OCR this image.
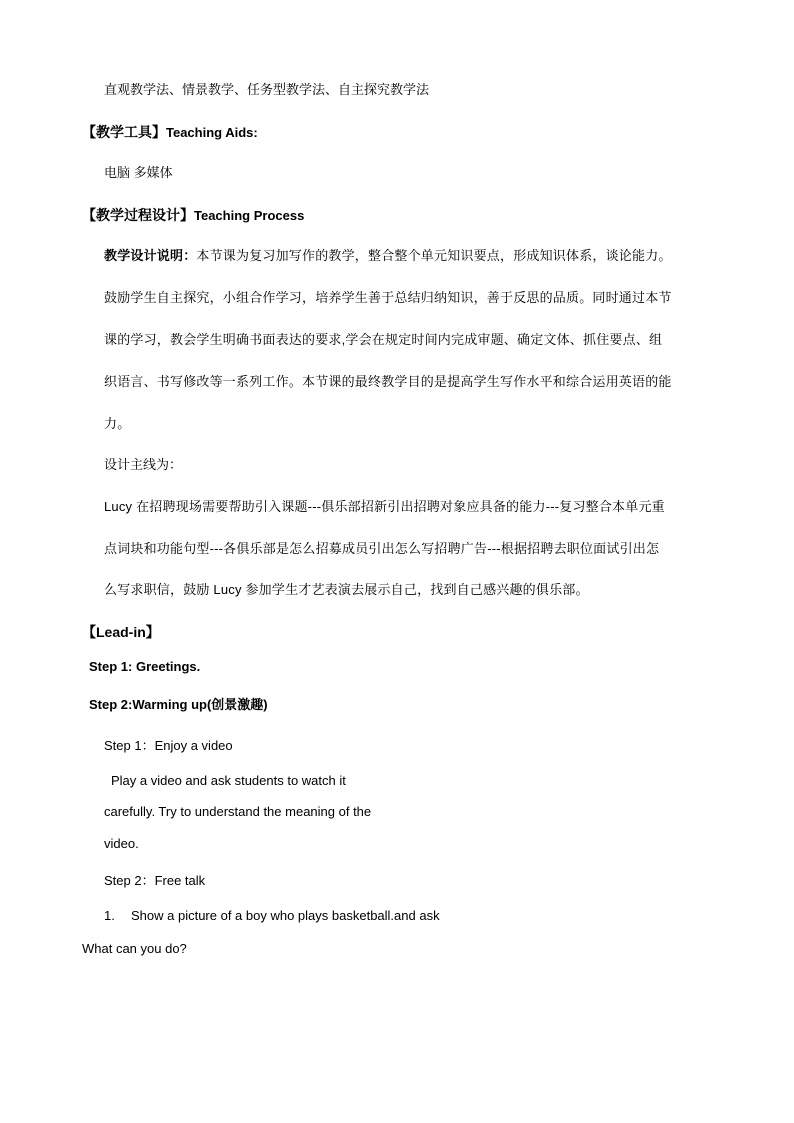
直观教学法、情景教学、任务型教学法、自主探究教学法
【教学工具】Teaching Aids:
电脑 多媒体
【教学过程设计】Teaching Process
教学设计说明：本节课为复习加写作的教学，整合整个单元知识要点，形成知识体系，谈论能力。
鼓励学生自主探究，小组合作学习，培养学生善于总结归纳知识，善于反思的品质。同时通过本节
课的学习，教会学生明确书面表达的要求,学会在规定时间内完成审题、确定文体、抓住要点、组
织语言、书写修改等一系列工作。本节课的最终教学目的是提高学生写作水平和综合运用英语的能
力。
设计主线为：
Lucy 在招聘现场需要帮助引入课题---俱乐部招新引出招聘对象应具备的能力---复习整合本单元重
点词块和功能句型---各俱乐部是怎么招募成员引出怎么写招聘广告---根据招聘去职位面试引出怎
么写求职信，鼓励 Lucy 参加学生才艺表演去展示自己，找到自己感兴趣的俱乐部。
【Lead-in】
Step 1: Greetings.
Step 2:Warming up(创景激趣)
Step 1：Enjoy a video
Play a video and ask students to watch it
carefully. Try to understand the meaning of the
video.
Step 2：Free talk
1. Show a picture of a boy who plays basketball.and ask
What can you do?
